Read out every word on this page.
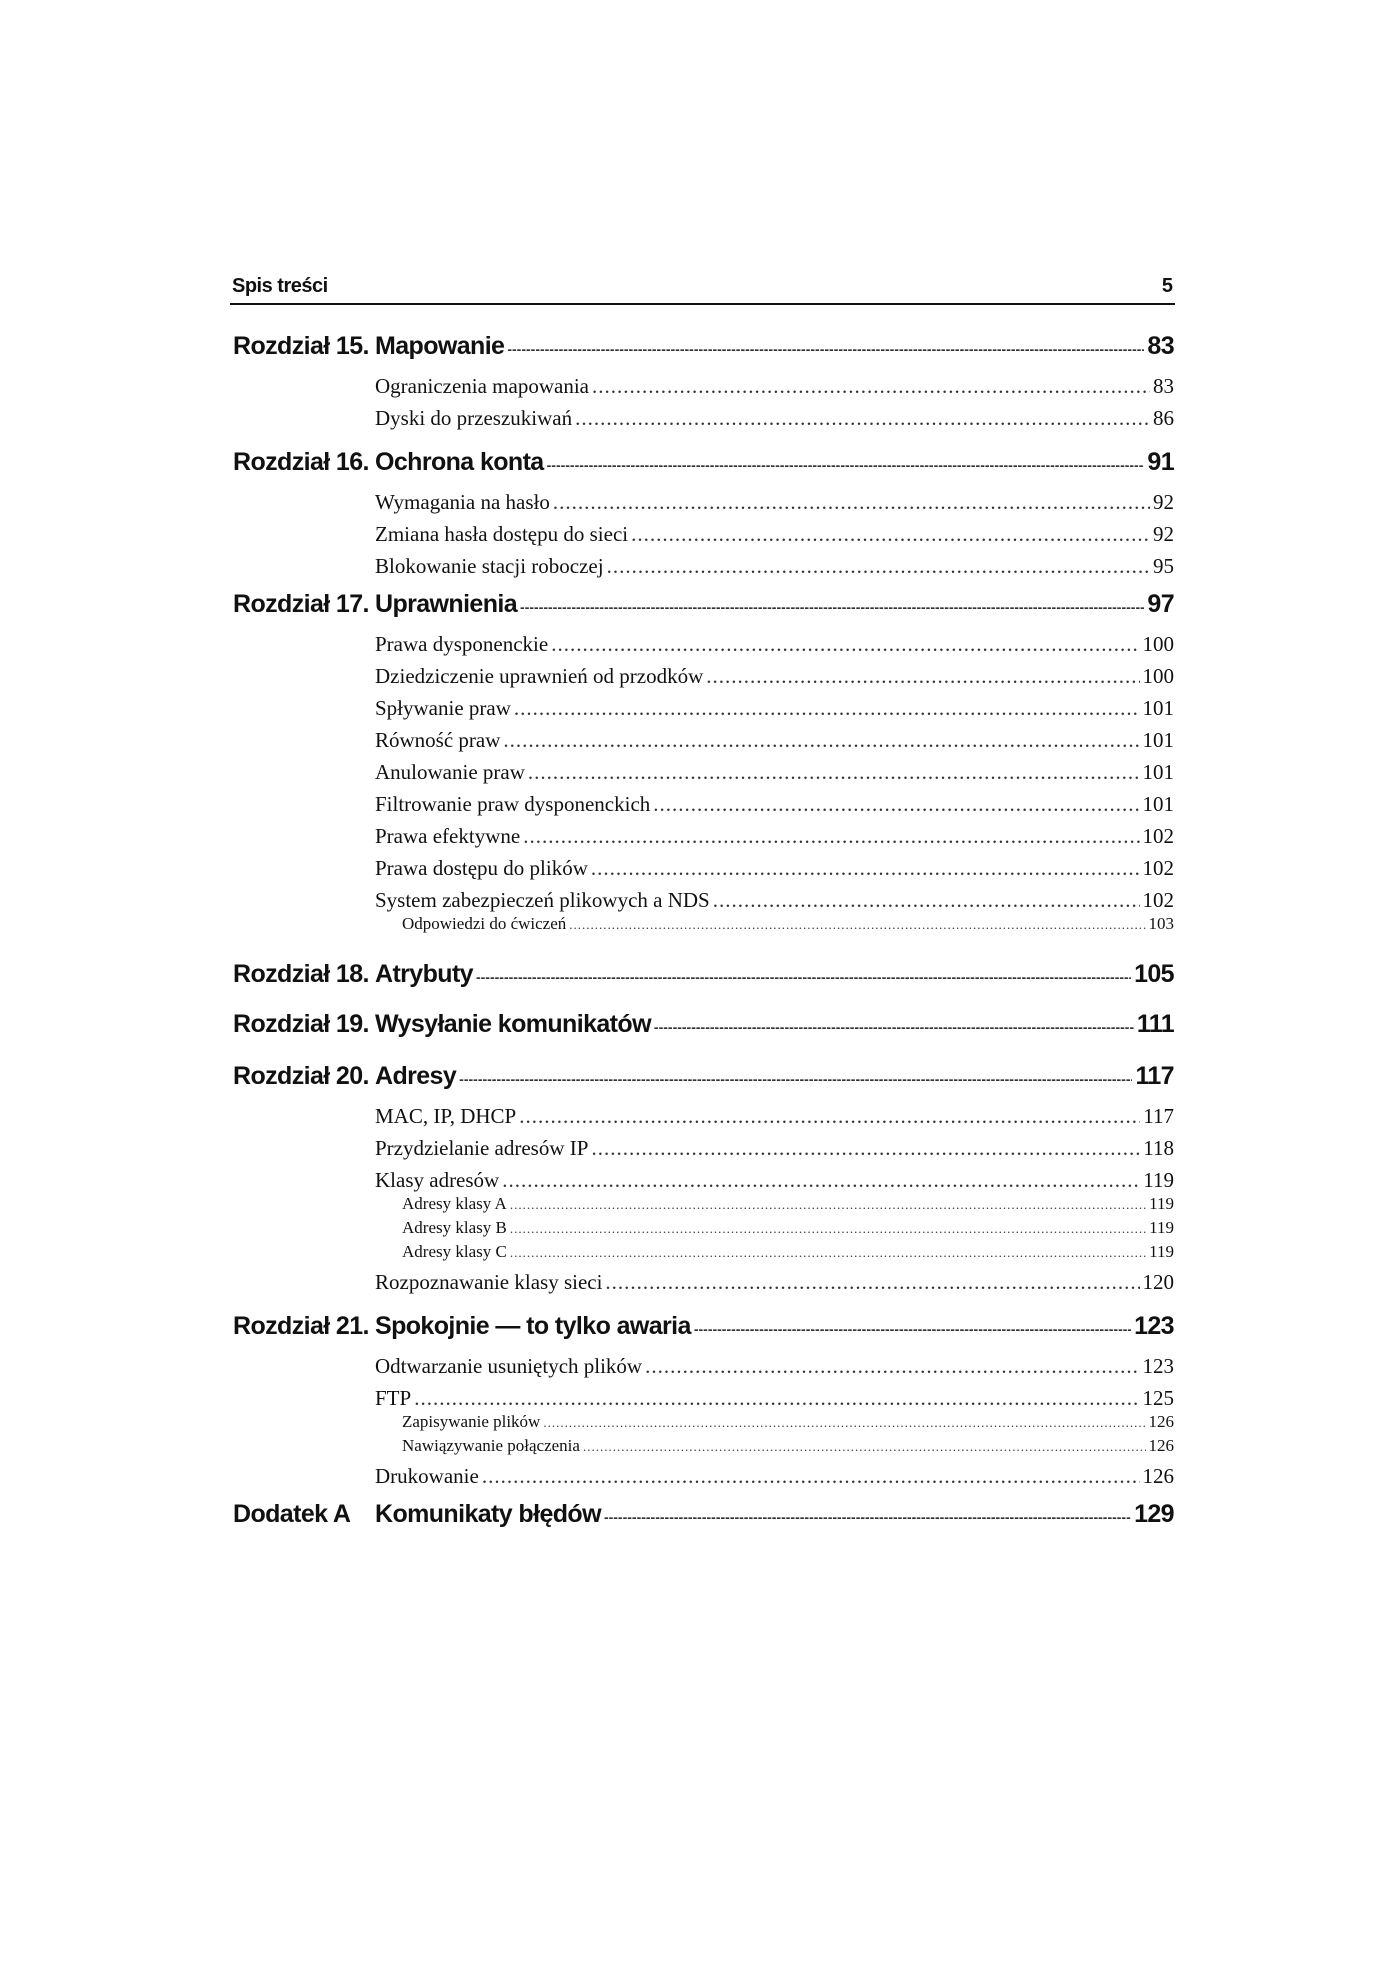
Spis treści	5
Rozdział 15. Mapowanie -----	83
Ograniczenia mapowania .....	83
Dyski do przeszukiwań .....	86
Rozdział 16. Ochrona konta -----	91
Wymagania na hasło .....	92
Zmiana hasła dostępu do sieci .....	92
Blokowanie stacji roboczej .....	95
Rozdział 17. Uprawnienia -----	97
Prawa dysponenckie .....	100
Dziedziczenie uprawnień od przodków .....	100
Spływanie praw .....	101
Równość praw .....	101
Anulowanie praw .....	101
Filtrowanie praw dysponenckich .....	101
Prawa efektywne .....	102
Prawa dostępu do plików .....	102
System zabezpieczeń plikowych a NDS .....	102
Odpowiedzi do ćwiczeń .....	103
Rozdział 18. Atrybuty -----	105
Rozdział 19. Wysyłanie komunikatów -----	111
Rozdział 20. Adresy -----	117
MAC, IP, DHCP .....	117
Przydzielanie adresów IP .....	118
Klasy adresów .....	119
Adresy klasy A .....	119
Adresy klasy B .....	119
Adresy klasy C .....	119
Rozpoznawanie klasy sieci .....	120
Rozdział 21. Spokojnie — to tylko awaria -----	123
Odtwarzanie usuniętych plików .....	123
FTP .....	125
Zapisywanie plików .....	126
Nawiązywanie połączenia .....	126
Drukowanie .....	126
Dodatek A Komunikaty błędów -----	129
